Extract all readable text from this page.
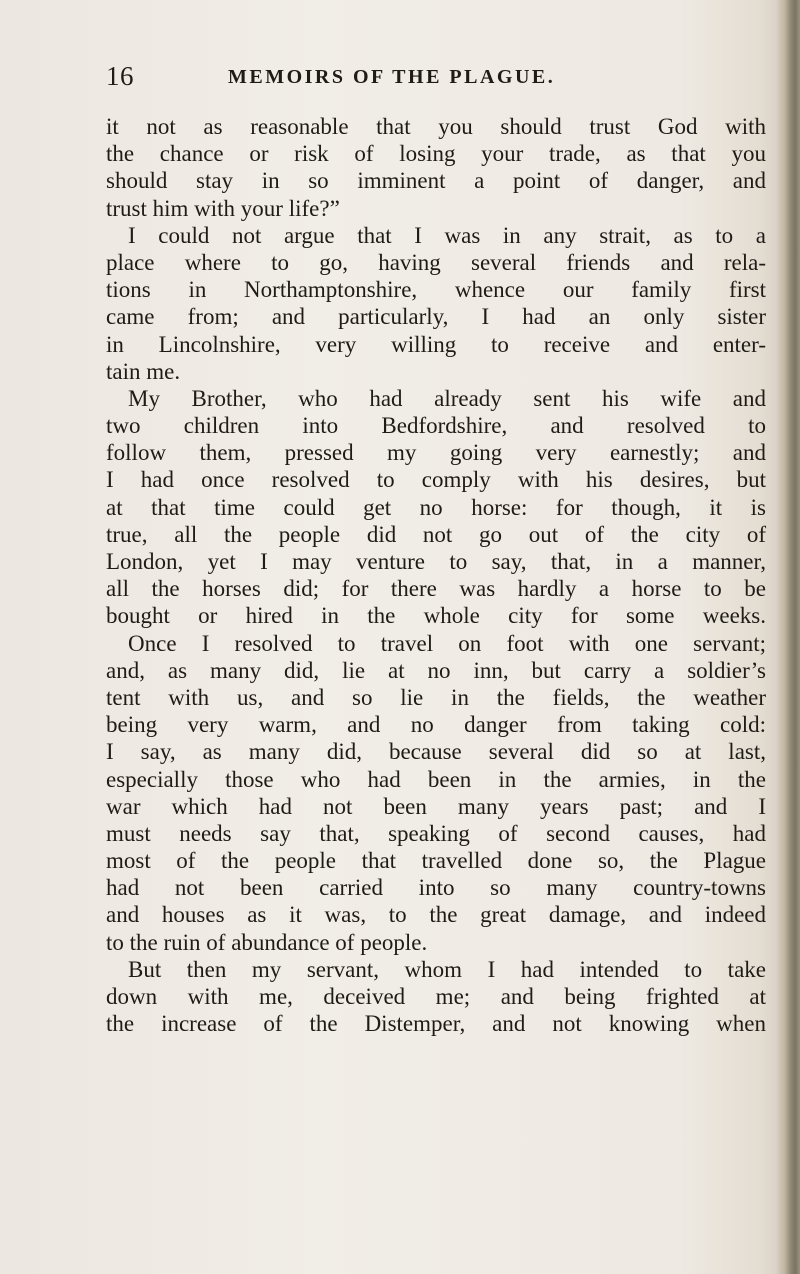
16	MEMOIRS OF THE PLAGUE.
it not as reasonable that you should trust God with
the chance or risk of losing your trade, as that you
should stay in so imminent a point of danger, and
trust him with your life?”
I could not argue that I was in any strait, as to a
place where to go, having several friends and rela-
tions in Northamptonshire, whence our family first
came from; and particularly, I had an only sister
in Lincolnshire, very willing to receive and enter-
tain me.
My Brother, who had already sent his wife and
two children into Bedfordshire, and resolved to
follow them, pressed my going very earnestly; and
I had once resolved to comply with his desires, but
at that time could get no horse: for though, it is
true, all the people did not go out of the city of
London, yet I may venture to say, that, in a manner,
all the horses did; for there was hardly a horse to be
bought or hired in the whole city for some weeks.
Once I resolved to travel on foot with one servant;
and, as many did, lie at no inn, but carry a soldier’s
tent with us, and so lie in the fields, the weather
being very warm, and no danger from taking cold:
I say, as many did, because several did so at last,
especially those who had been in the armies, in the
war which had not been many years past; and I
must needs say that, speaking of second causes, had
most of the people that travelled done so, the Plague
had not been carried into so many country-towns
and houses as it was, to the great damage, and indeed
to the ruin of abundance of people.
But then my servant, whom I had intended to take
down with me, deceived me; and being frighted at
the increase of the Distemper, and not knowing when
